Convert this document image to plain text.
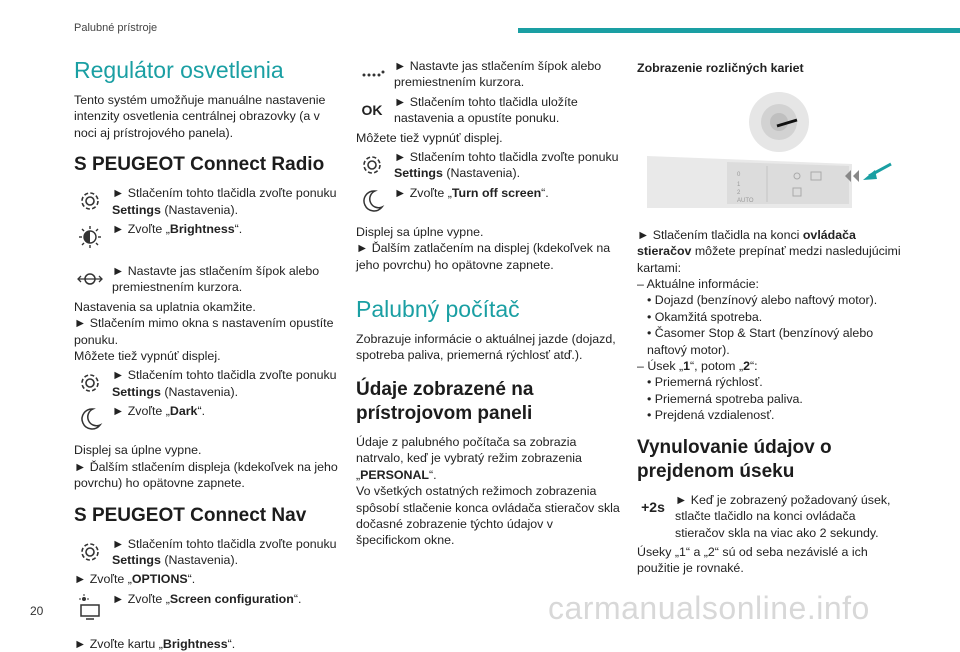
Palubné prístroje
Regulátor osvetlenia

Tento systém umožňuje manuálne nastavenie intenzity osvetlenia centrálnej obrazovky (a v noci aj prístrojového panela).

S PEUGEOT Connect Radio
► Stlačením tohto tlačidla zvoľte ponuku Settings (Nastavenia).
► Zvoľte „Brightness“.
► Nastavte jas stlačením šípok alebo premiestnením kurzora.

Nastavenia sa uplatnia okamžite.

► Stlačením mimo okna s nastavením opustíte ponuku.

Môžete tiež vypnúť displej.

► Stlačením tohto tlačidla zvoľte ponuku Settings (Nastavenia).
► Zvoľte „Dark“.

Displej sa úplne vypne.

► Ďalším stlačením displeja (kdekoľvek na jeho povrchu) ho opätovne zapnete.

S PEUGEOT Connect Nav
► Stlačením tohto tlačidla zvoľte ponuku Settings (Nastavenia).

► Zvoľte „OPTIONS“.

► Zvoľte „Screen configuration“.

► Zvoľte kartu „Brightness“.

► Nastavte jas stlačením šípok alebo premiestnením kurzora.
OK ► Stlačením tohto tlačidla uložíte nastavenia a opustíte ponuku.

Môžete tiež vypnúť displej.

► Stlačením tohto tlačidla zvoľte ponuku Settings (Nastavenia).
► Zvoľte „Turn off screen“.

Displej sa úplne vypne.

► Ďalším zatlačením na displej (kdekoľvek na jeho povrchu) ho opätovne zapnete.

Palubný počítač

Zobrazuje informácie o aktuálnej jazde (dojazd, spotreba paliva, priemerná rýchlosť atď.).

Údaje zobrazené na prístrojovom paneli

Údaje z palubného počítača sa zobrazia natrvalo, keď je vybratý režim zobrazenia „PERSONAL“.

Vo všetkých ostatných režimoch zobrazenia spôsobí stlačenie konca ovládača stieračov skla dočasné zobrazenie týchto údajov v špecifickom okne.

Zobrazenie rozličných kariet

0
1
2
AUTO

► Stlačením tlačidla na konci ovládača stieračov môžete prepínať medzi nasledujúcimi kartami:

– Aktuálne informácie:

• Dojazd (benzínový alebo naftový motor).

• Okamžitá spotreba.

• Časomer Stop & Start (benzínový alebo naftový motor).

– Úsek „1“, potom „2“:

• Priemerná rýchlosť.

• Priemerná spotreba paliva.

• Prejdená vzdialenosť.

Vynulovanie údajov o prejdenom úseku
+2s ► Keď je zobrazený požadovaný úsek, stlačte tlačidlo na konci ovládača stieračov skla na viac ako 2 sekundy.

Úseky „1“ a „2“ sú od seba nezávislé a ich použitie je rovnaké.

20	carmanualsonline.info
